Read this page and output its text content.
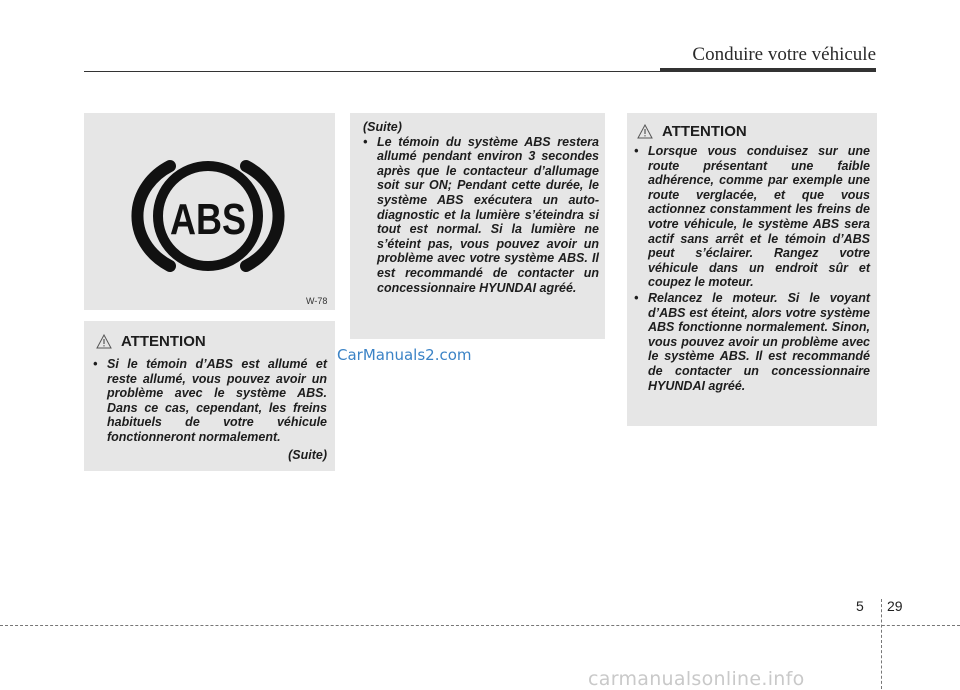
Conduire votre véhicule
ABS
W-78
ATTENTION
• Si le témoin d’ABS est allumé et reste allumé, vous pouvez avoir un problème avec le système ABS. Dans ce cas, cependant, les freins habituels de votre véhicule fonctionneront normalement.
(Suite)
CarManuals2.com
(Suite)
• Le témoin du système ABS restera allumé pendant environ 3 secondes après que le contacteur d’allumage soit sur ON; Pendant cette durée, le système ABS exécutera un auto-diagnostic et la lumière s’éteindra si tout est normal. Si la lumière ne s’éteint pas, vous pouvez avoir un problème avec votre système ABS. Il est recommandé de contacter un concessionnaire HYUNDAI agréé.
ATTENTION
• Lorsque vous conduisez sur une route présentant une faible adhérence, comme par exemple une route verglacée, et que vous actionnez constamment les freins de votre véhicule, le système ABS sera actif sans arrêt et le témoin d’ABS peut s’éclairer. Rangez votre véhicule dans un endroit sûr et coupez le moteur.
• Relancez le moteur. Si le voyant d’ABS est éteint, alors votre système ABS fonctionne normalement. Sinon, vous pouvez avoir un problème avec le système ABS. Il est recommandé de contacter un concessionnaire HYUNDAI agréé.
5 29
carmanualsonline.info
